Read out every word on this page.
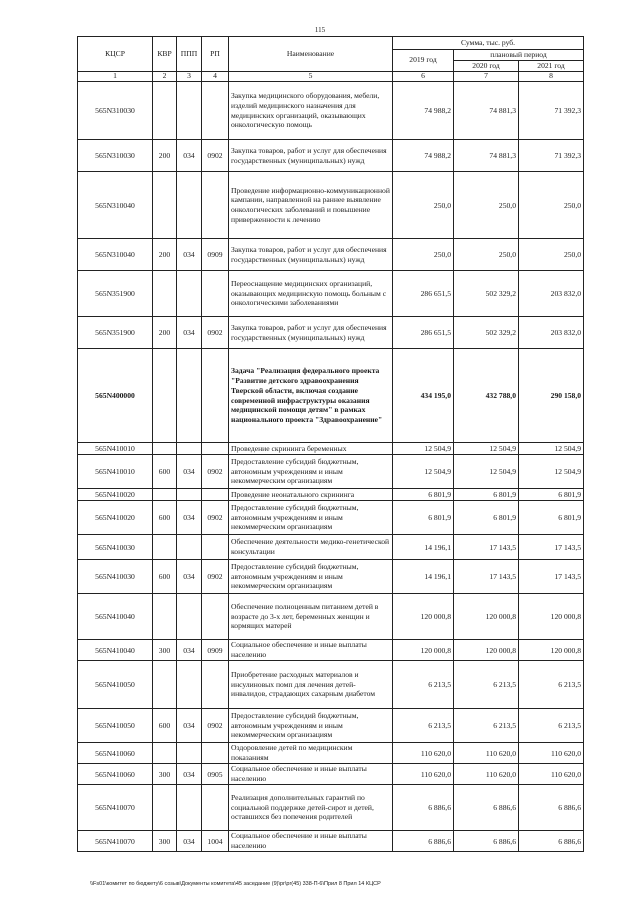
115
КЦСР	КВР	ППП	РП	Наименование	Сумма, тыс. руб.		
					2019 год	плановый период	
						2020 год	2021 год
1	2	3	4	5	6	7	8
565N310030				Закупка медицинского оборудования, мебели, изделий медицинского назначения для медицинских организаций, оказывающих онкологическую помощь	74 988,2	74 881,3	71 392,3
565N310030	200	034	0902	Закупка товаров, работ и услуг для обеспечения государственных (муниципальных) нужд	74 988,2	74 881,3	71 392,3
565N310040				Проведение информационно-коммуникационной кампании, направленной на раннее выявление онкологических заболеваний и повышение приверженности к лечению	250,0	250,0	250,0
565N310040	200	034	0909	Закупка товаров, работ и услуг для обеспечения государственных (муниципальных) нужд	250,0	250,0	250,0
565N351900				Переоснащение медицинских организаций, оказывающих медицинскую помощь больным с онкологическими заболеваниями	286 651,5	502 329,2	203 832,0
565N351900	200	034	0902	Закупка товаров, работ и услуг для обеспечения государственных (муниципальных) нужд	286 651,5	502 329,2	203 832,0
565N400000				Задача "Реализация федерального проекта "Развитие детского здравоохранения Тверской области, включая создание современной инфраструктуры оказания медицинской помощи детям" в рамках национального проекта "Здравоохранение"	434 195,0	432 788,0	290 158,0
565N410010				Проведение скрининга беременных	12 504,9	12 504,9	12 504,9
565N410010	600	034	0902	Предоставление субсидий бюджетным, автономным учреждениям и иным некоммерческим организациям	12 504,9	12 504,9	12 504,9
565N410020				Проведение неонатального скрининга	6 801,9	6 801,9	6 801,9
565N410020	600	034	0902	Предоставление субсидий бюджетным, автономным учреждениям и иным некоммерческим организациям	6 801,9	6 801,9	6 801,9
565N410030				Обеспечение деятельности медико-генетической консультации	14 196,1	17 143,5	17 143,5
565N410030	600	034	0902	Предоставление субсидий бюджетным, автономным учреждениям и иным некоммерческим организациям	14 196,1	17 143,5	17 143,5
565N410040				Обеспечение полноценным питанием детей в возрасте до 3-х лет, беременных женщин и кормящих матерей	120 000,8	120 000,8	120 000,8
565N410040	300	034	0909	Социальное обеспечение и иные выплаты населению	120 000,8	120 000,8	120 000,8
565N410050				Приобретение расходных материалов и инсулиновых помп для лечения детей-инвалидов, страдающих сахарным диабетом	6 213,5	6 213,5	6 213,5
565N410050	600	034	0902	Предоставление субсидий бюджетным, автономным учреждениям и иным некоммерческим организациям	6 213,5	6 213,5	6 213,5
565N410060				Оздоровление детей по медицинским показаниям	110 620,0	110 620,0	110 620,0
565N410060	300	034	0905	Социальное обеспечение и иные выплаты населению	110 620,0	110 620,0	110 620,0
565N410070				Реализация дополнительных гарантий по социальной поддержке детей-сирот и детей, оставшихся без попечения родителей	6 886,6	6 886,6	6 886,6
565N410070	300	034	1004	Социальное обеспечение и иные выплаты населению	6 886,6	6 886,6	6 886,6
\\Fs01\комитет по бюджету\6 созыв\Документы комитета\45 заседание (9)\pr\pr(45) 338-П-6\Прил 8 Прил 14 КЦСР
